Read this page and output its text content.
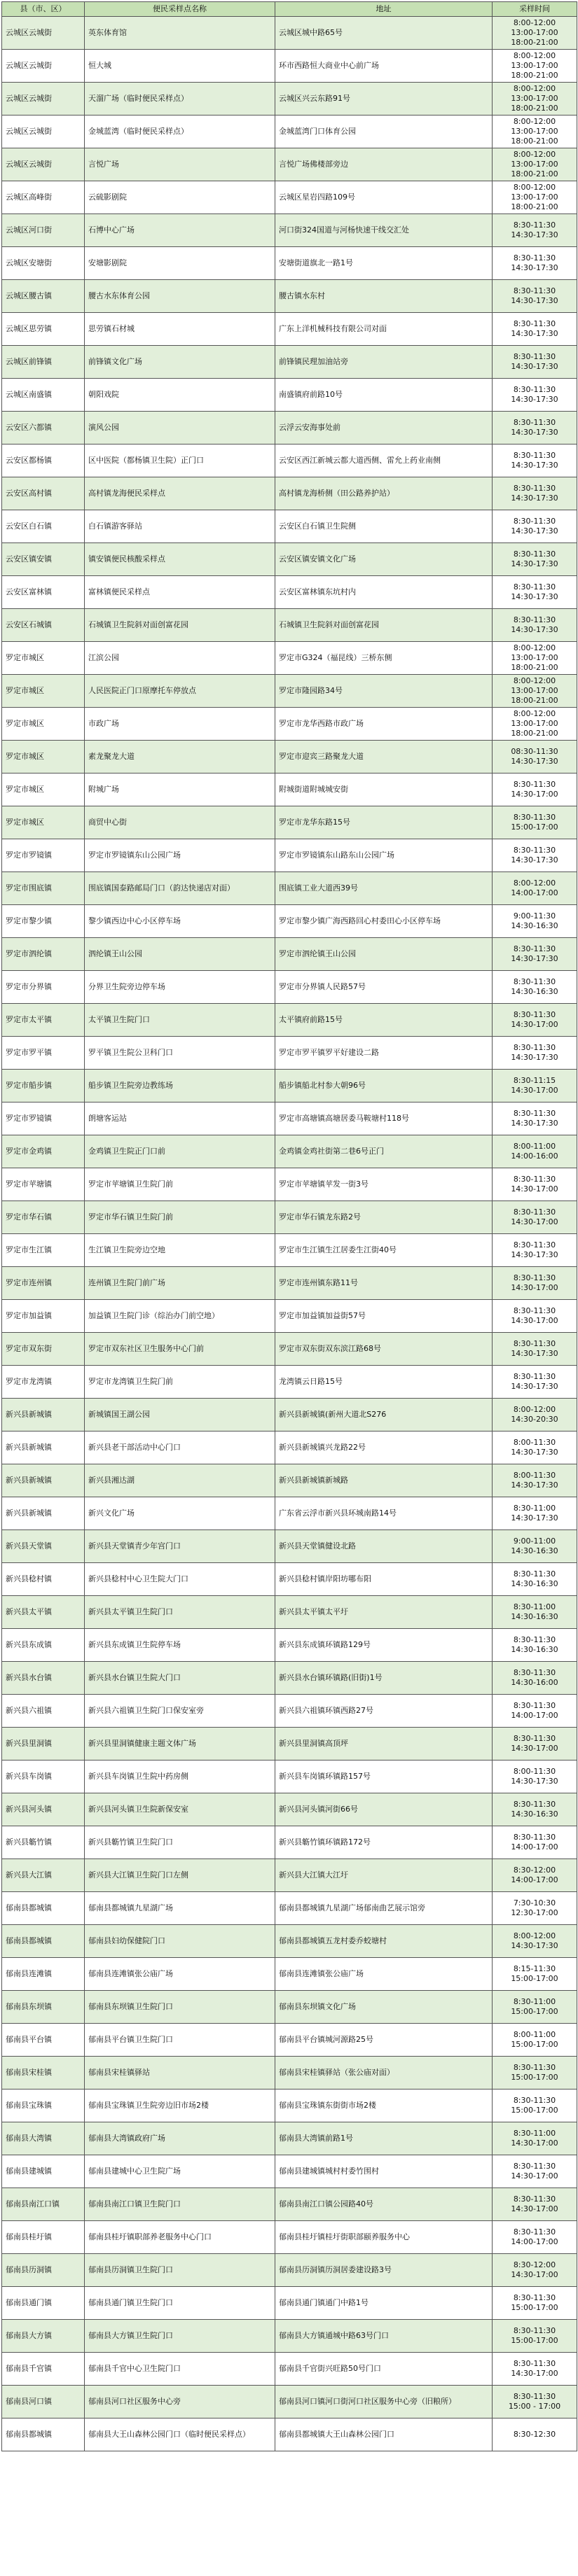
县（市、区）	便民采样点名称	地址	采样时间
云城区云城街	英东体育馆	云城区城中路65号	8:00-12:00
13:00-17:00
18:00-21:00

云城区云城街	恒大城	环市西路恒大商业中心前广场	8:00-12:00
13:00-17:00
18:00-21:00

云城区云城街	天溜广场（临时便民采样点）	云城区兴云东路91号	8:00-12:00
13:00-17:00
18:00-21:00

云城区云城街	金城蓝湾（临时便民采样点）	金城蓝湾门口体育公园	8:00-12:00
13:00-17:00
18:00-21:00

云城区云城街	言悦广场	言悦广场佛楼部旁边	8:00-12:00
13:00-17:00
18:00-21:00

云城区高峰街	云硫影剧院	云城区星岩四路109号	8:00-12:00
13:00-17:00
18:00-21:00

云城区河口街	石博中心广场	河口街324国道与河杨快速干线交汇处	8:30-11:30
14:30-17:30

云城区安塘街	安塘影剧院	安塘街道旗北一路1号	8:30-11:30
14:30-17:30

云城区腰古镇	腰古水东体育公园	腰古镇水东村	8:30-11:30
14:30-17:30

云城区思劳镇	思劳镇石材城	广东上洋机械科技有限公司对面	8:30-11:30
14:30-17:30

云城区前锋镇	前锋镇文化广场	前锋镇民理加油站旁	8:30-11:30
14:30-17:30

云城区南盛镇	朝阳戏院	南盛镇府前路10号	8:30-11:30
14:30-17:30

云安区六都镇	演风公园	云浮云安海事处前	8:30-11:30
14:30-17:30

云安区都杨镇	区中医院（都杨镇卫生院）正门口	云安区西江新城云都大道西侧、雷允上药业南侧	8:30-11:30
14:30-17:30

云安区高村镇	高村镇龙海便民采样点	高村镇龙海桥侧（田公路养护站）	8:30-11:30
14:30-17:30

云安区白石镇	白石镇游客驿站	云安区白石镇卫生院侧	8:30-11:30
14:30-17:30

云安区镇安镇	镇安镇便民核酸采样点	云安区镇安镇文化广场	8:30-11:30
14:30-17:30

云安区富林镇	富林镇便民采样点	云安区富林镇东坑村内	8:30-11:30
14:30-17:30

云安区石城镇	石城镇卫生院斜对面创富花园	石城镇卫生院斜对面创富花园	8:30-11:30
14:30-17:30

罗定市城区	江滨公园	罗定市G324（福昆线）三桥东侧	8:00-12:00
13:00-17:00
18:00-21:00

罗定市城区	人民医院正门口原摩托车停放点	罗定市隆园路34号	8:00-12:00
13:00-17:00
18:00-21:00

罗定市城区	市政广场	罗定市龙华西路市政广场	8:00-12:00
13:00-17:00
18:00-21:00

罗定市城区	素龙聚龙大道	罗定市迎宾三路聚龙大道	08:30-11:30
14:30-17:30

罗定市城区	附城广场	附城街道附城城安街	8:30-11:30
14:30-17:00

罗定市城区	商贸中心街	罗定市龙华东路15号	8:30-11:30
15:00-17:00

罗定市罗镜镇	罗定市罗镜镇东山公园广场	罗定市罗镜镇东山路东山公园广场	8:30-11:30
14:30-17:30

罗定市围底镇	围底镇国泰路邮局门口（韵达快递店对面）	围底镇工业大道西39号	8:00-12:00
14:00-17:00

罗定市黎少镇	黎少镇西边中心小区停车场	罗定市黎少镇广海西路回心村委田心小区停车场	9:00-11:30
14:30-16:30

罗定市泗纶镇	泗纶镇王山公园	罗定市泗纶镇王山公园	8:30-11:30
14:30-17:30

罗定市分界镇	分界卫生院旁边停车场	罗定市分界镇人民路57号	8:30-11:30
14:30-16:30

罗定市太平镇	太平镇卫生院门口	太平镇府前路15号	8:30-11:30
14:30-17:00

罗定市罗平镇	罗平镇卫生院公卫科门口	罗定市罗平镇罗平好建设二路	8:30-11:30
14:30-17:30

罗定市船步镇	船步镇卫生院旁边教练场	船步镇船北村参大朝96号	8:30-11:15
14:30-17:00

罗定市罗镜镇	朗塘客运站	罗定市高塘镇高塘居委马鞍塘村118号	8:30-11:30
14:30-17:30

罗定市金鸡镇	金鸡镇卫生院正门口前	金鸡镇金鸡社街第二巷6号正门	8:00-11:00
14:00-16:00

罗定市苹塘镇	罗定市苹塘镇卫生院门前	罗定市苹塘镇苹发一街3号	8:30-11:30
14:30-17:00

罗定市华石镇	罗定市华石镇卫生院门前	罗定市华石镇龙东路2号	8:30-11:30
14:30-17:00

罗定市生江镇	生江镇卫生院旁边空地	罗定市生江镇生江居委生江街40号	8:30-11:30
14:30-17:30

罗定市连州镇	连州镇卫生院门前广场	罗定市连州镇东路11号	8:30-11:30
14:30-17:00

罗定市加益镇	加益镇卫生院门诊（综治办门前空地）	罗定市加益镇加益街57号	8:30-11:30
14:30-17:00

罗定市双东街	罗定市双东社区卫生服务中心门前	罗定市双东街双东滨江路68号	8:30-11:30
14:30-17:30

罗定市龙湾镇	罗定市龙湾镇卫生院门前	龙湾镇云日路15号	8:30-11:30
14:30-17:30

新兴县新城镇	新城镇国王湖公园	新兴县新城镇(新州大道北S276	8:00-12:00
14:30-20:30

新兴县新城镇	新兴县老干部活动中心门口	新兴县新城镇兴龙路22号	8:00-11:30
14:30-17:30

新兴县新城镇	新兴县湘达湖	新兴县新城镇新城路	8:00-11:30
14:30-17:30

新兴县新城镇	新兴文化广场	广东省云浮市新兴县环城南路14号	8:30-11:00
14:30-17:30

新兴县天堂镇	新兴县天堂镇青少年宫门口	新兴县天堂镇健设北路	9:00-11:00
14:30-16:30

新兴县稔村镇	新兴县稔村中心卫生院大门口	新兴县稔村镇岸阳坊哪布阳	8:30-11:30
14:30-16:30

新兴县太平镇	新兴县太平镇卫生院门口	新兴县太平镇太平圩	8:30-11:00
14:30-16:30

新兴县东成镇	新兴县东成镇卫生院停车场	新兴县东成镇环镇路129号	8:30-11:30
14:30-16:30

新兴县水台镇	新兴县水台镇卫生院大门口	新兴县水台镇环镇路(旧街)1号	8:30-11:30
14:30-16:00

新兴县六祖镇	新兴县六祖镇卫生院门口保安室旁	新兴县六祖镇环镇西路27号	8:30-11:30
14:00-17:00

新兴县里洞镇	新兴县里洞镇健康主题文体广场	新兴县里洞镇高顶坪	8:30-11:30
14:30-17:00

新兴县车岗镇	新兴县车岗镇卫生院中药房侧	新兴县车岗镇环镇路157号	8:00-11:30
14:30-17:30

新兴县河头镇	新兴县河头镇卫生院新保安室	新兴县河头镇河街66号	8:30-11:30
14:30-16:30

新兴县簕竹镇	新兴县簕竹镇卫生院门口	新兴县簕竹镇环镇路172号	8:30-11:30
14:00-17:00

新兴县大江镇	新兴县大江镇卫生院门口左侧	新兴县大江镇大江圩	8:30-12:00
14:00-17:00

郁南县都城镇	郁南县都城镇九星湖广场	郁南县都城镇九星湖广场郁南曲艺展示馆旁	7:30-10:30
12:30-17:00

郁南县都城镇	郁南县妇幼保健院门口	郁南县都城镇五龙村委乔蛟塘村	8:00-12:00
14:30-17:30

郁南县连滩镇	郁南县连滩镇张公庙广场	郁南县连滩镇张公庙广场	8:15-11:30
15:00-17:00

郁南县东坝镇	郁南县东坝镇卫生院门口	郁南县东坝镇文化广场	8:30-11:00
15:00-17:00

郁南县平台镇	郁南县平台镇卫生院门口	郁南县平台镇城河源路25号	8:00-11:00
15:00-17:00

郁南县宋桂镇	郁南县宋桂镇驿站	郁南县宋桂镇驿站（张公庙对面）	8:30-11:30
15:00-17:00

郁南县宝珠镇	郁南县宝珠镇卫生院旁边旧市场2楼	郁南县宝珠镇东街街市场2楼	8:30-11:30
15:00-17:00

郁南县大湾镇	郁南县大湾镇政府广场	郁南县大湾镇前路1号	8:30-11:00
14:30-17:00

郁南县建城镇	郁南县建城中心卫生院广场	郁南县建城镇城村村委竹围村	8:30-11:30
14:30-17:00

郁南县南江口镇	郁南县南江口镇卫生院门口	郁南县南江口镇公园路40号	8:30-11:30
14:30-17:00

郁南县桂圩镇	郁南县桂圩镇职部养老服务中心门口	郁南县桂圩镇桂圩街职部颐养服务中心	8:30-11:30
14:00-17:00

郁南县历洞镇	郁南县历洞镇卫生院门口	郁南县历洞镇历洞居委建设路3号	8:30-12:00
14:30-17:00

郁南县通门镇	郁南县通门镇卫生院门口	郁南县通门镇通门中路1号	8:30-11:30
15:00-17:00

郁南县大方镇	郁南县大方镇卫生院门口	郁南县大方镇通城中路63号门口	8:30-11:30
15:00-17:00

郁南县千官镇	郁南县千官中心卫生院门口	郁南县千官街兴旺路50号门口	8:30-11:30
14:30-17:00

郁南县河口镇	郁南县河口社区服务中心旁	郁南县河口镇河口街河口社区服务中心旁（旧粮所）	8:30-11:30
15:00 - 17:00

郁南县都城镇	郁南县大王山森林公园门口（临时便民采样点）	郁南县都城镇大王山森林公园门口	8:30-12:30
